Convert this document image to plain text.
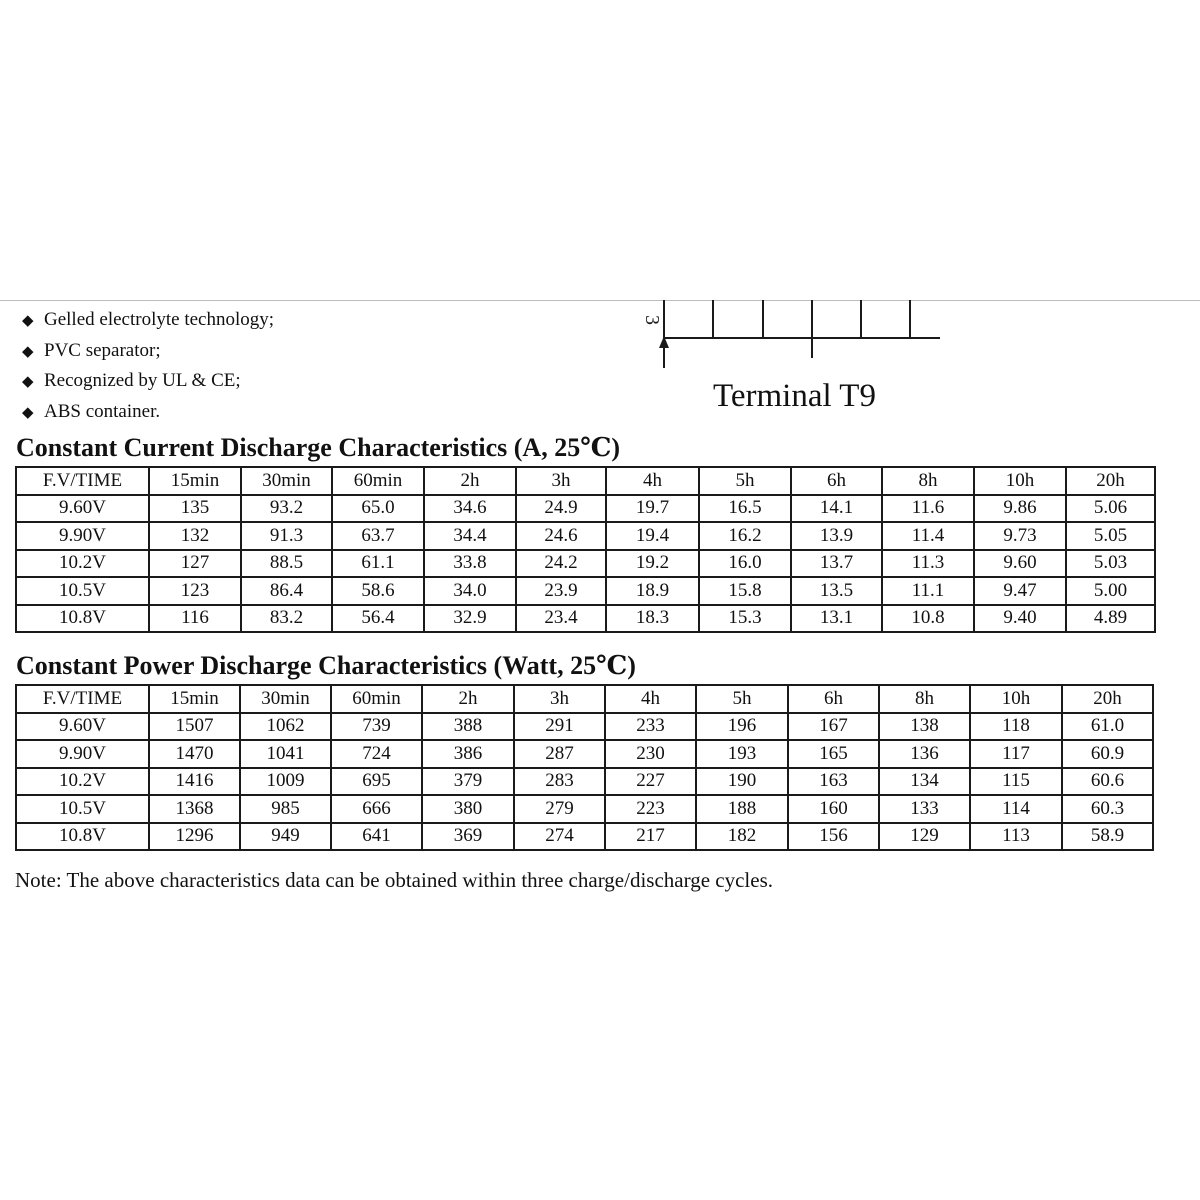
◆ Gelled electrolyte technology;
◆ PVC separator;
◆ Recognized by UL & CE;
◆ ABS container.
3
Terminal T9
Constant Current Discharge Characteristics (A, 25℃)
F.V/TIME	15min	30min	60min	2h	3h	4h	5h	6h	8h	10h	20h
9.60V	135	93.2	65.0	34.6	24.9	19.7	16.5	14.1	11.6	9.86	5.06
9.90V	132	91.3	63.7	34.4	24.6	19.4	16.2	13.9	11.4	9.73	5.05
10.2V	127	88.5	61.1	33.8	24.2	19.2	16.0	13.7	11.3	9.60	5.03
10.5V	123	86.4	58.6	34.0	23.9	18.9	15.8	13.5	11.1	9.47	5.00
10.8V	116	83.2	56.4	32.9	23.4	18.3	15.3	13.1	10.8	9.40	4.89
Constant Power Discharge Characteristics (Watt, 25℃)
F.V/TIME	15min	30min	60min	2h	3h	4h	5h	6h	8h	10h	20h
9.60V	1507	1062	739	388	291	233	196	167	138	118	61.0
9.90V	1470	1041	724	386	287	230	193	165	136	117	60.9
10.2V	1416	1009	695	379	283	227	190	163	134	115	60.6
10.5V	1368	985	666	380	279	223	188	160	133	114	60.3
10.8V	1296	949	641	369	274	217	182	156	129	113	58.9
Note: The above characteristics data can be obtained within three charge/discharge cycles.
